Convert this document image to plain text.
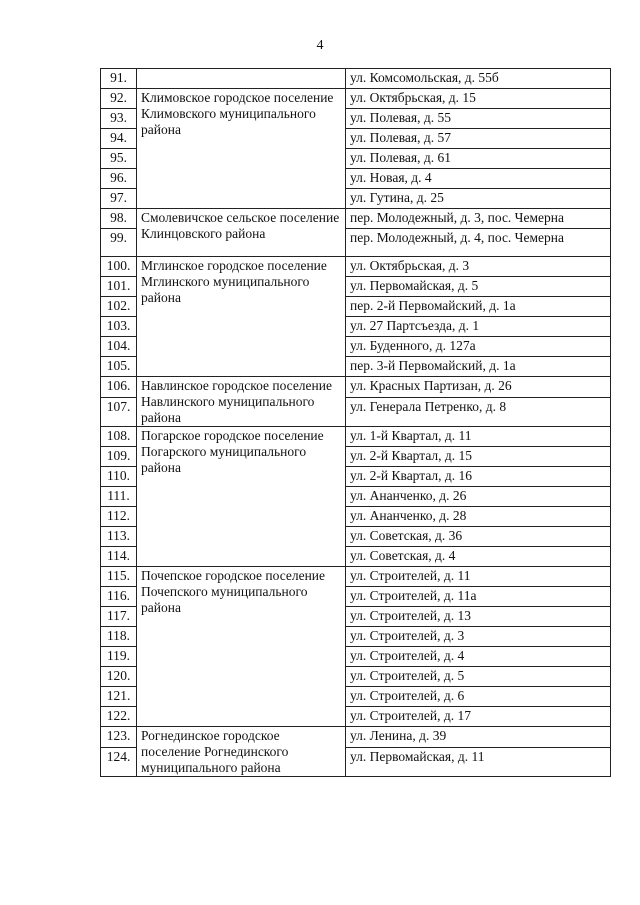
4
91.		ул. Комсомольская, д. 55б
92.	Климовское городское поселение Климовского муниципального района	ул. Октябрьская, д. 15
93.		ул. Полевая, д. 55
94.		ул. Полевая, д. 57
95.		ул. Полевая, д. 61
96.		ул. Новая, д. 4
97.		ул. Гутина, д. 25
98.	Смолевичское сельское поселение Клинцовского района	пер. Молодежный, д. 3, пос. Чемерна
99.		пер. Молодежный, д. 4, пос. Чемерна
100.	Мглинское городское поселение Мглинского муниципального района	ул. Октябрьская, д. 3
101.		ул. Первомайская, д. 5
102.		пер. 2-й Первомайский, д. 1а
103.		ул. 27 Партсъезда, д. 1
104.		ул. Буденного, д. 127а
105.		пер. 3-й Первомайский, д. 1а
106.	Навлинское городское поселение Навлинского муниципального района	ул. Красных Партизан, д. 26
107.		ул. Генерала Петренко, д. 8
108.	Погарское городское поселение Погарского муниципального района	ул. 1-й Квартал, д. 11
109.		ул. 2-й Квартал, д. 15
110.		ул. 2-й Квартал, д. 16
111.		ул. Ананченко, д. 26
112.		ул. Ананченко, д. 28
113.		ул. Советская, д. 36
114.		ул. Советская, д. 4
115.	Почепское городское поселение Почепского муниципального района	ул. Строителей, д. 11
116.		ул. Строителей, д. 11а
117.		ул. Строителей, д. 13
118.		ул. Строителей, д. 3
119.		ул. Строителей, д. 4
120.		ул. Строителей, д. 5
121.		ул. Строителей, д. 6
122.		ул. Строителей, д. 17
123.	Рогнединское городское поселение Рогнединского муниципального района	ул. Ленина, д. 39
124.		ул. Первомайская, д. 11
